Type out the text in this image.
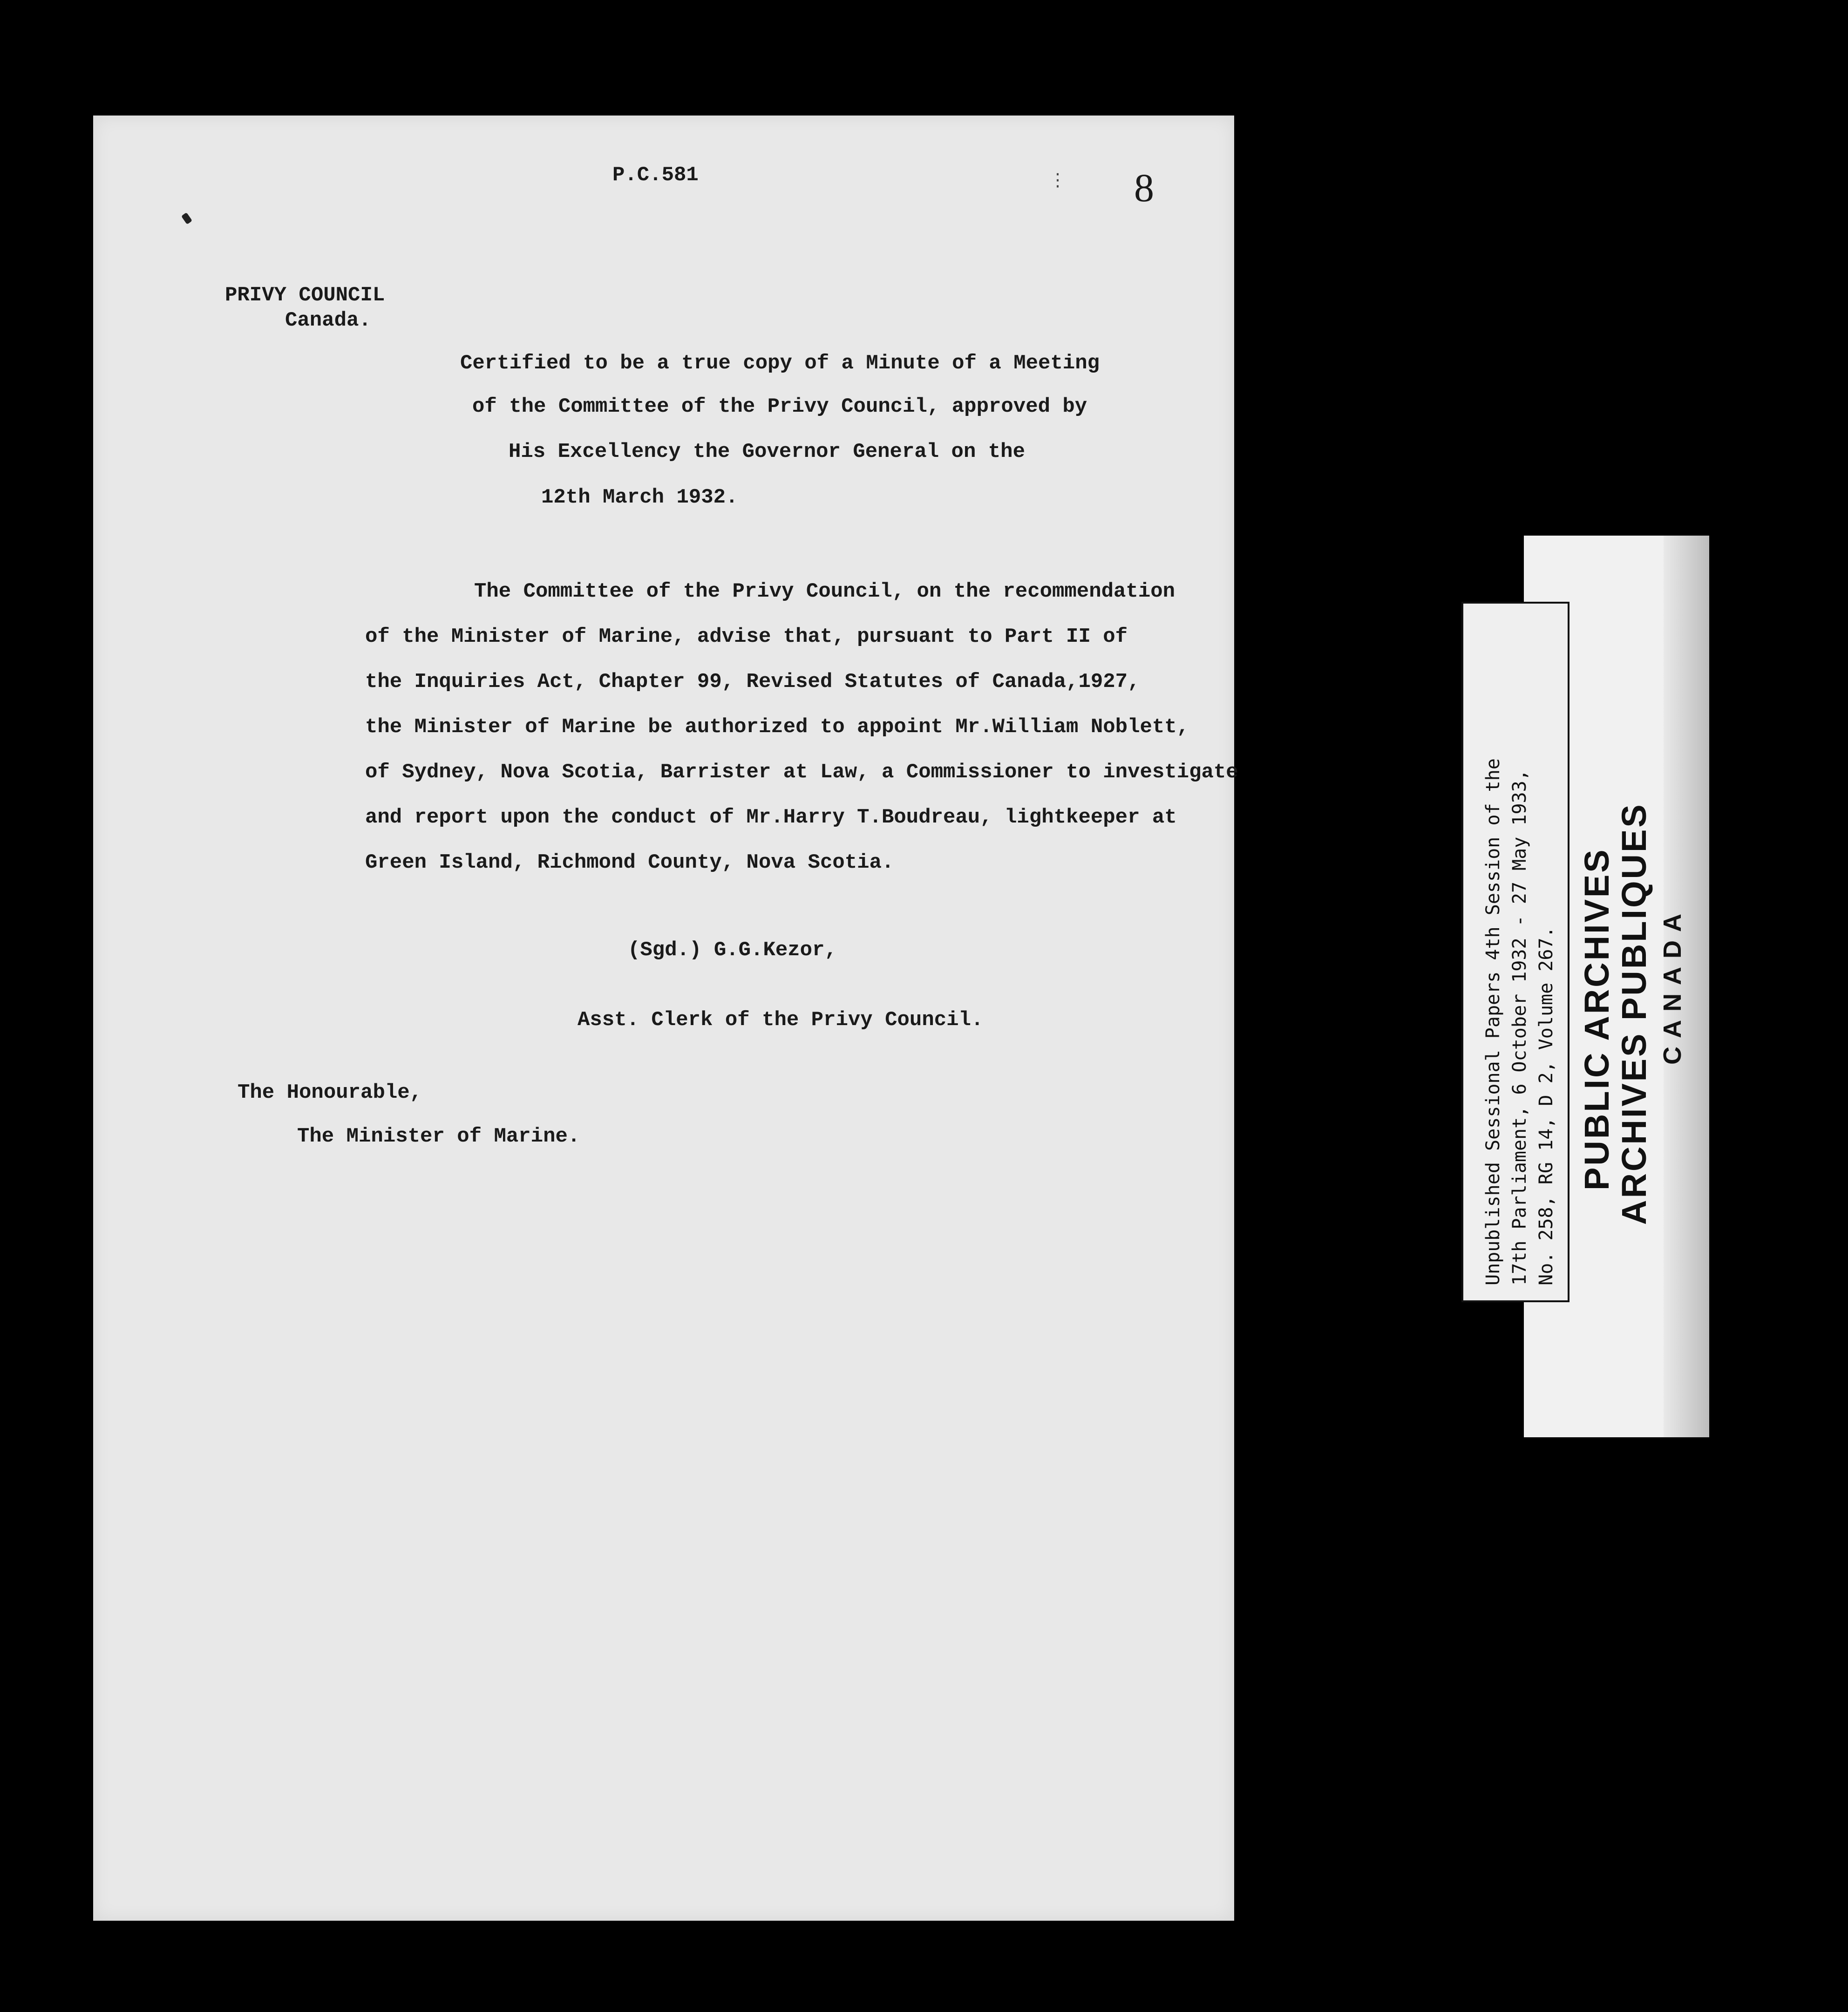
P.C.581	⋮ 8
PRIVY COUNCIL
Canada.
Certified to be a true copy of a Minute of a Meeting
of the Committee of the Privy Council, approved by
His Excellency the Governor General on the
12th March 1932.
The Committee of the Privy Council, on the recommendation
of the Minister of Marine, advise that, pursuant to Part II of
the Inquiries Act, Chapter 99, Revised Statutes of Canada,1927,
the Minister of Marine be authorized to appoint Mr.William Noblett,
of Sydney, Nova Scotia, Barrister at Law, a Commissioner to investigate
and report upon the conduct of Mr.Harry T.Boudreau, lightkeeper at
Green Island, Richmond County, Nova Scotia.
(Sgd.) G.G.Kezor,
Asst. Clerk of the Privy Council.
The Honourable,
The Minister of Marine.	Unpublished Sessional Papers 4th Session of the 17th Parliament, 6 October 1932 - 27 May 1933, No. 258, RG 14, D 2, Volume 267. PUBLIC ARCHIVES
ARCHIVES PUBLIQUES CANADA
